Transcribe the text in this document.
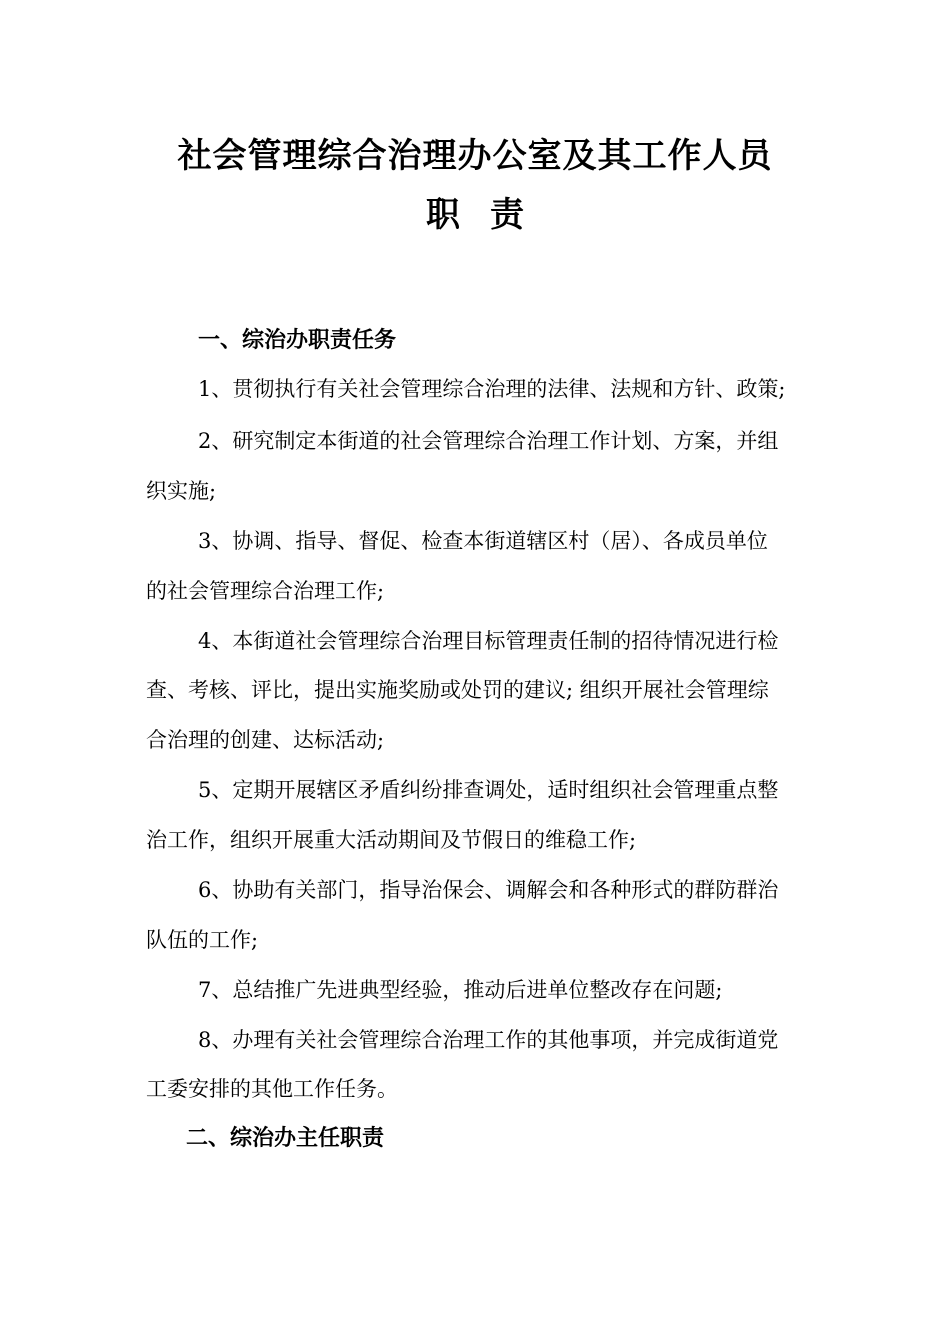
社会管理综合治理办公室及其工作人员
职责
一、综治办职责任务
1、贯彻执行有关社会管理综合治理的法律、法规和方针、政策;
2、研究制定本街道的社会管理综合治理工作计划、方案，并组
织实施;
3、协调、指导、督促、检查本街道辖区村（居）、各成员单位
的社会管理综合治理工作;
4、本街道社会管理综合治理目标管理责任制的招待情况进行检
查、考核、评比，提出实施奖励或处罚的建议; 组织开展社会管理综
合治理的创建、达标活动;
5、定期开展辖区矛盾纠纷排查调处，适时组织社会管理重点整
治工作，组织开展重大活动期间及节假日的维稳工作;
6、协助有关部门，指导治保会、调解会和各种形式的群防群治
队伍的工作;
7、总结推广先进典型经验，推动后进单位整改存在问题;
8、办理有关社会管理综合治理工作的其他事项，并完成街道党
工委安排的其他工作任务。
二、综治办主任职责
